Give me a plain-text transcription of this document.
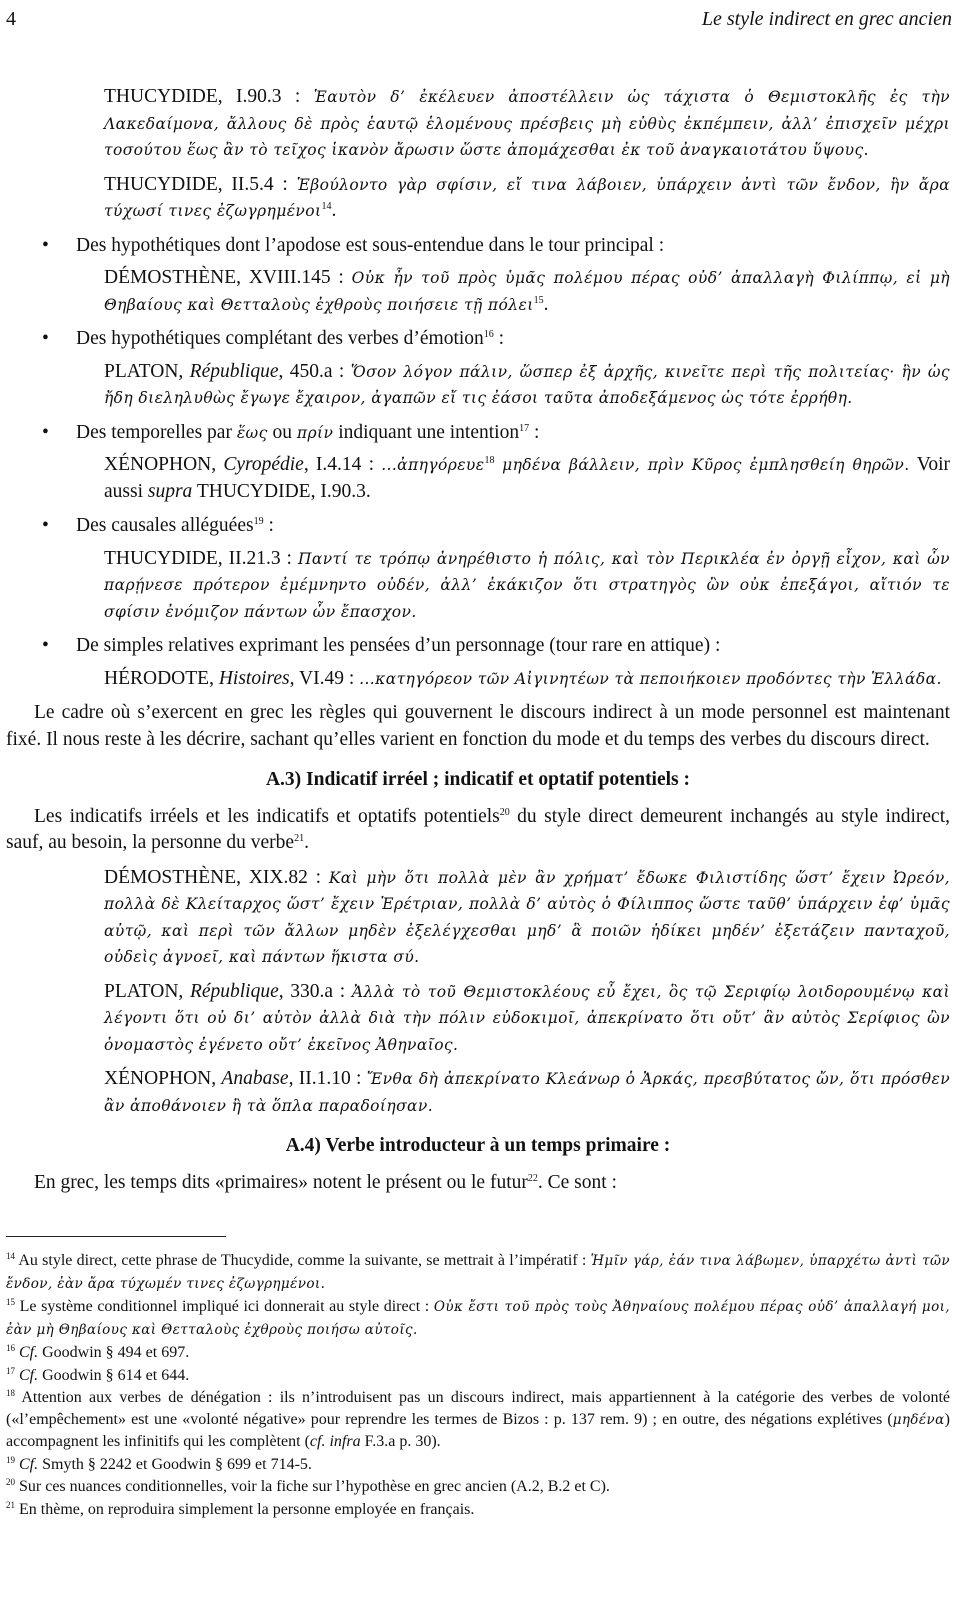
4	Le style indirect en grec ancien

THUCYDIDE, I.90.3 : Ἑαυτὸν δ’ ἐκέλευεν ἀποστέλλειν ὡς τάχιστα ὁ Θεμιστοκλῆς ἐς τὴν Λακεδαίμονα, ἄλλους δὲ πρὸς ἑαυτῷ ἑλομένους πρέσβεις μὴ εὐθὺς ἐκπέμπειν, ἀλλ’ ἐπισχεῖν μέχρι τοσούτου ἕως ἂν τὸ τεῖχος ἱκανὸν ἄρωσιν ὥστε ἀπομάχεσθαι ἐκ τοῦ ἀναγκαιοτάτου ὕψους.

THUCYDIDE, II.5.4 : Ἐβούλοντο γὰρ σφίσιν, εἴ τινα λάβοιεν, ὑπάρχειν ἀντὶ τῶν ἔνδον, ἢν ἄρα τύχωσί τινες ἐζωγρημένοι$^{14}$.

• Des hypothétiques dont l’apodose est sous-entendue dans le tour principal :

DÉMOSTHÈNE, XVIII.145 : Οὐκ ἦν τοῦ πρὸς ὑμᾶς πολέμου πέρας οὐδ’ ἀπαλλαγὴ Φιλίππῳ, εἰ μὴ Θηβαίους καὶ Θετταλοὺς ἐχθροὺς ποιήσειε τῇ πόλει$^{15}$.

• Des hypothétiques complétant des verbes d’émotion$^{16}$ :

PLATON, République, 450.a : Ὅσον λόγον πάλιν, ὥσπερ ἐξ ἀρχῆς, κινεῖτε περὶ τῆς πολιτείας· ἣν ὡς ἤδη διεληλυθὼς ἔγωγε ἔχαιρον, ἀγαπῶν εἴ τις ἐάσοι ταῦτα ἀποδεξάμενος ὡς τότε ἐρρήθη.

• Des temporelles par ἕως ou πρίν indiquant une intention$^{17}$ :

XÉNOPHON, Cyropédie, I.4.14 : ...ἀπηγόρευε$^{18}$ μηδένα βάλλειν, πρὶν Κῦρος ἐμπλησθείη θηρῶν. Voir aussi supra THUCYDIDE, I.90.3.

• Des causales alléguées$^{19}$ :

THUCYDIDE, II.21.3 : Παντί τε τρόπῳ ἀνηρέθιστο ἡ πόλις, καὶ τὸν Περικλέα ἐν ὀργῇ εἶχον, καὶ ὧν παρῄνεσε πρότερον ἐμέμνηντο οὐδέν, ἀλλ’ ἐκάκιζον ὅτι στρατηγὸς ὢν οὐκ ἐπεξάγοι, αἴτιόν τε σφίσιν ἐνόμιζον πάντων ὧν ἔπασχον.

• De simples relatives exprimant les pensées d’un personnage (tour rare en attique) :

HÉRODOTE, Histoires, VI.49 : ...κατηγόρεον τῶν Αἰγινητέων τὰ πεποιήκοιεν προδόντες τὴν Ἑλλάδα.

Le cadre où s’exercent en grec les règles qui gouvernent le discours indirect à un mode personnel est maintenant fixé. Il nous reste à les décrire, sachant qu’elles varient en fonction du mode et du temps des verbes du discours direct.

A.3) Indicatif irréel ; indicatif et optatif potentiels :

Les indicatifs irréels et les indicatifs et optatifs potentiels$^{20}$ du style direct demeurent inchangés au style indirect, sauf, au besoin, la personne du verbe$^{21}$.

DÉMOSTHÈNE, XIX.82 : Καὶ μὴν ὅτι πολλὰ μὲν ἂν χρήματ’ ἔδωκε Φιλιστίδης ὥστ’ ἔχειν Ὠρεόν, πολλὰ δὲ Κλείταρχος ὥστ’ ἔχειν Ἐρέτριαν, πολλὰ δ’ αὐτὸς ὁ Φίλιππος ὥστε ταῦθ’ ὑπάρχειν ἐφ’ ὑμᾶς αὐτῷ, καὶ περὶ τῶν ἄλλων μηδὲν ἐξελέγχεσθαι μηδ’ ἃ ποιῶν ἠδίκει μηδέν’ ἐξετάζειν πανταχοῦ, οὐδεὶς ἀγνοεῖ, καὶ πάντων ἥκιστα σύ.

PLATON, République, 330.a : Ἀλλὰ τὸ τοῦ Θεμιστοκλέους εὖ ἔχει, ὃς τῷ Σεριφίῳ λοιδορουμένῳ καὶ λέγοντι ὅτι οὐ δι’ αὑτὸν ἀλλὰ διὰ τὴν πόλιν εὐδοκιμοῖ, ἀπεκρίνατο ὅτι οὔτ’ ἂν αὐτὸς Σερίφιος ὢν ὀνομαστὸς ἐγένετο οὔτ’ ἐκεῖνος Ἀθηναῖος.

XÉNOPHON, Anabase, II.1.10 : Ἔνθα δὴ ἀπεκρίνατο Κλεάνωρ ὁ Ἀρκάς, πρεσβύτατος ὤν, ὅτι πρόσθεν ἂν ἀποθάνοιεν ἢ τὰ ὅπλα παραδοίησαν.

A.4) Verbe introducteur à un temps primaire :

En grec, les temps dits «primaires» notent le présent ou le futur$^{22}$. Ce sont :

$^{14}$ Au style direct, cette phrase de Thucydide, comme la suivante, se mettrait à l’impératif : Ἡμῖν γάρ, ἐάν τινα λάβωμεν, ὑπαρχέτω ἀντὶ τῶν ἔνδον, ἐὰν ἄρα τύχωμέν τινες ἐζωγρημένοι.

$^{15}$ Le système conditionnel impliqué ici donnerait au style direct : Οὐκ ἔστι τοῦ πρὸς τοὺς Ἀθηναίους πολέμου πέρας οὐδ’ ἀπαλλαγή μοι, ἐὰν μὴ Θηβαίους καὶ Θετταλοὺς ἐχθροὺς ποιήσω αὐτοῖς.

$^{16}$ Cf. Goodwin § 494 et 697.

$^{17}$ Cf. Goodwin § 614 et 644.

$^{18}$ Attention aux verbes de dénégation : ils n’introduisent pas un discours indirect, mais appartiennent à la catégorie des verbes de volonté («l’empêchement» est une «volonté négative» pour reprendre les termes de Bizos : p. 137 rem. 9) ; en outre, des négations explétives (μηδένα) accompagnent les infinitifs qui les complètent (cf. infra F.3.a p. 30).

$^{19}$ Cf. Smyth § 2242 et Goodwin § 699 et 714-5.

$^{20}$ Sur ces nuances conditionnelles, voir la fiche sur l’hypothèse en grec ancien (A.2, B.2 et C).

$^{21}$ En thème, on reproduira simplement la personne employée en français.
